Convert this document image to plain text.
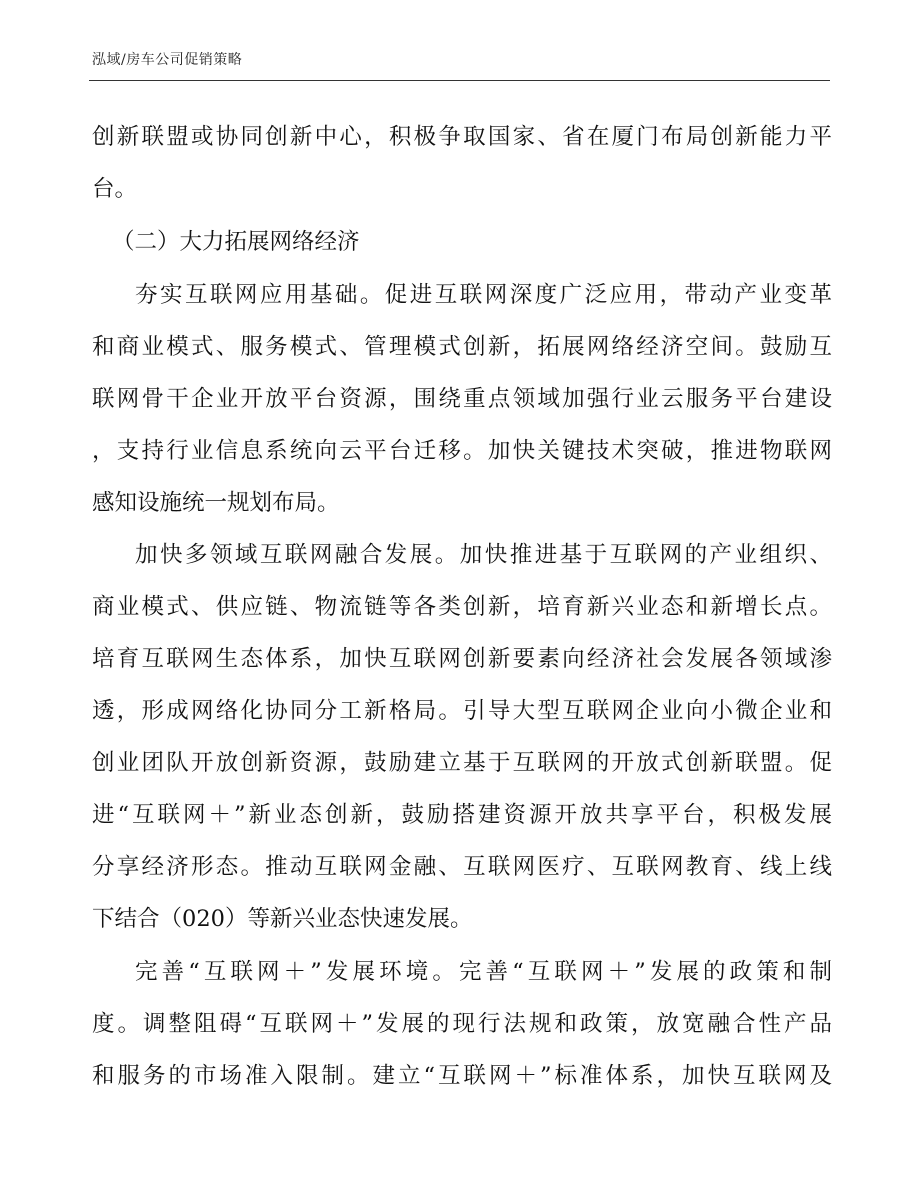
泓域/房车公司促销策略
创新联盟或协同创新中心，积极争取国家、省在厦门布局创新能力平
台。
（二）大力拓展网络经济
夯实互联网应用基础。促进互联网深度广泛应用，带动产业变革
和商业模式、服务模式、管理模式创新，拓展网络经济空间。鼓励互
联网骨干企业开放平台资源，围绕重点领域加强行业云服务平台建设
，支持行业信息系统向云平台迁移。加快关键技术突破，推进物联网
感知设施统一规划布局。
加快多领域互联网融合发展。加快推进基于互联网的产业组织、
商业模式、供应链、物流链等各类创新，培育新兴业态和新增长点。
培育互联网生态体系，加快互联网创新要素向经济社会发展各领域渗
透，形成网络化协同分工新格局。引导大型互联网企业向小微企业和
创业团队开放创新资源，鼓励建立基于互联网的开放式创新联盟。促
进“互联网＋”新业态创新，鼓励搭建资源开放共享平台，积极发展
分享经济形态。推动互联网金融、互联网医疗、互联网教育、线上线
下结合（020）等新兴业态快速发展。
完善“互联网＋”发展环境。完善“互联网＋”发展的政策和制
度。调整阻碍“互联网＋”发展的现行法规和政策，放宽融合性产品
和服务的市场准入限制。建立“互联网＋”标准体系，加快互联网及
